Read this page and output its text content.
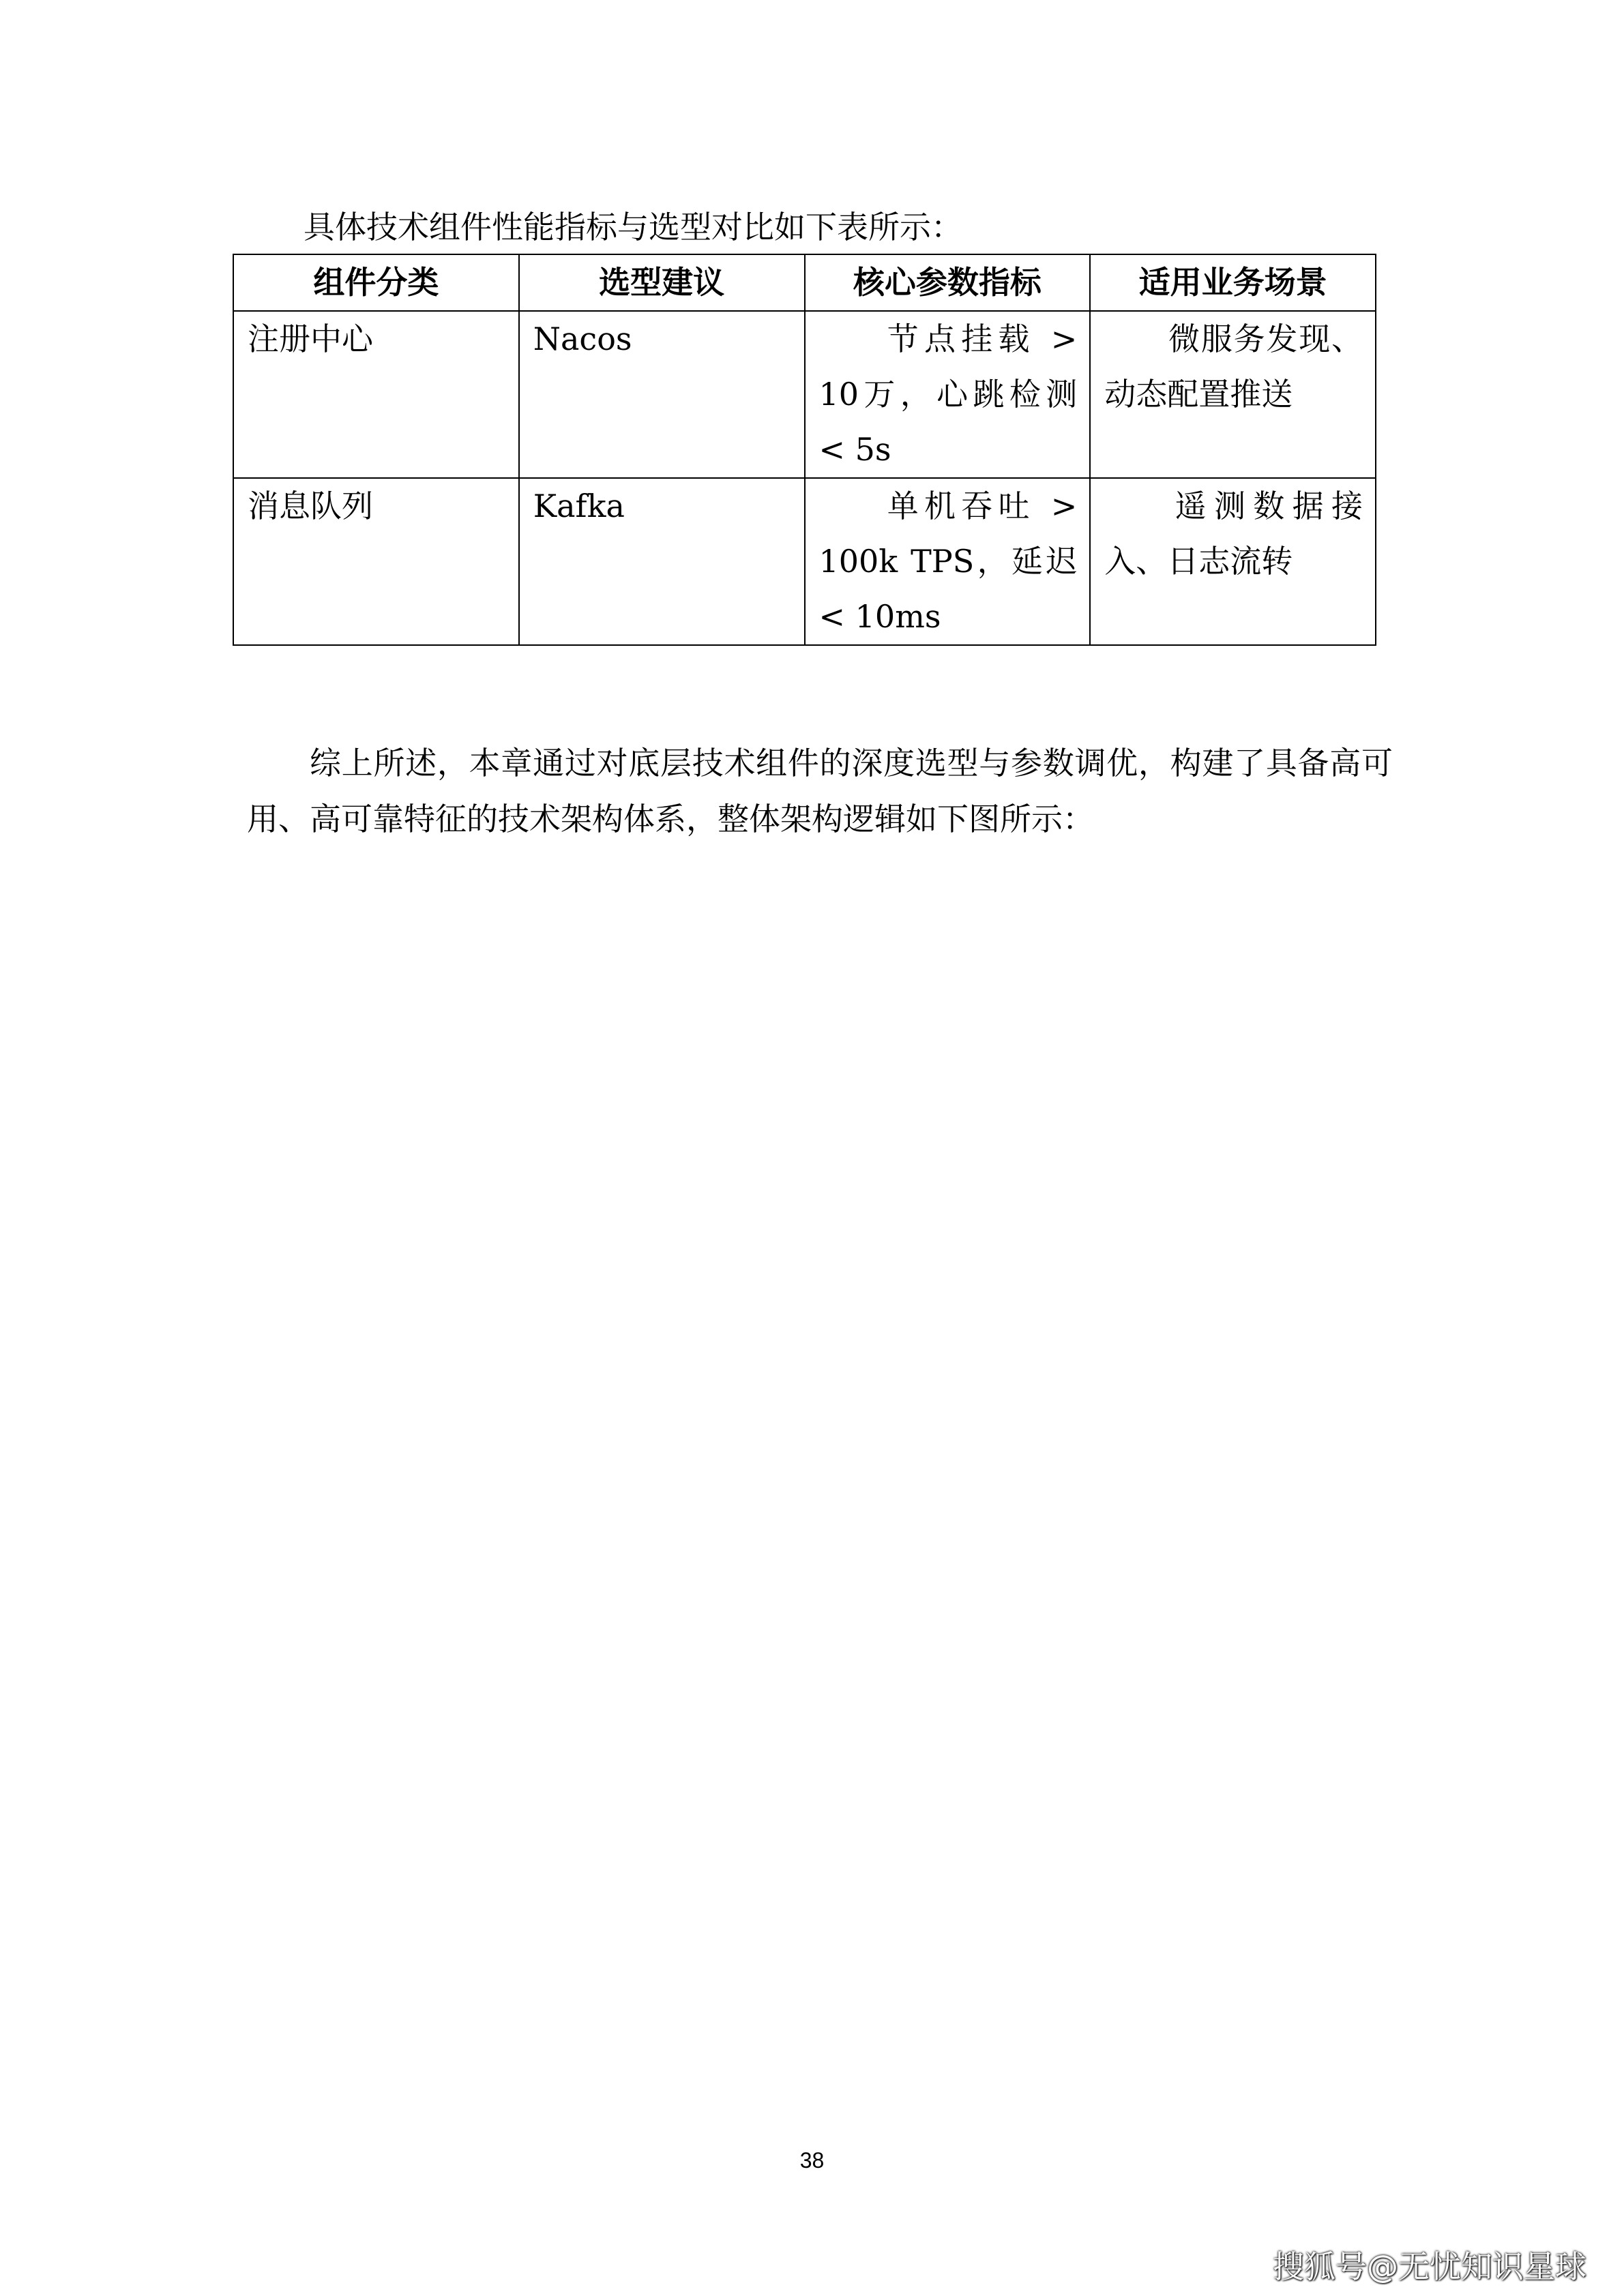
具体技术组件性能指标与选型对比如下表所示：
组件分类	选型建议	核心参数指标	适用业务场景
注册中心	Nacos	节点挂载 > 10万，心跳检测 < 5s	微服务发现、动态配置推送
消息队列	Kafka	单机吞吐 > 100k TPS，延迟 < 10ms	遥测数据接入、日志流转

综上所述，本章通过对底层技术组件的深度选型与参数调优，构建了具备高可用、高可靠特征的技术架构体系，整体架构逻辑如下图所示：

38
搜狐号@无忧知识星球
